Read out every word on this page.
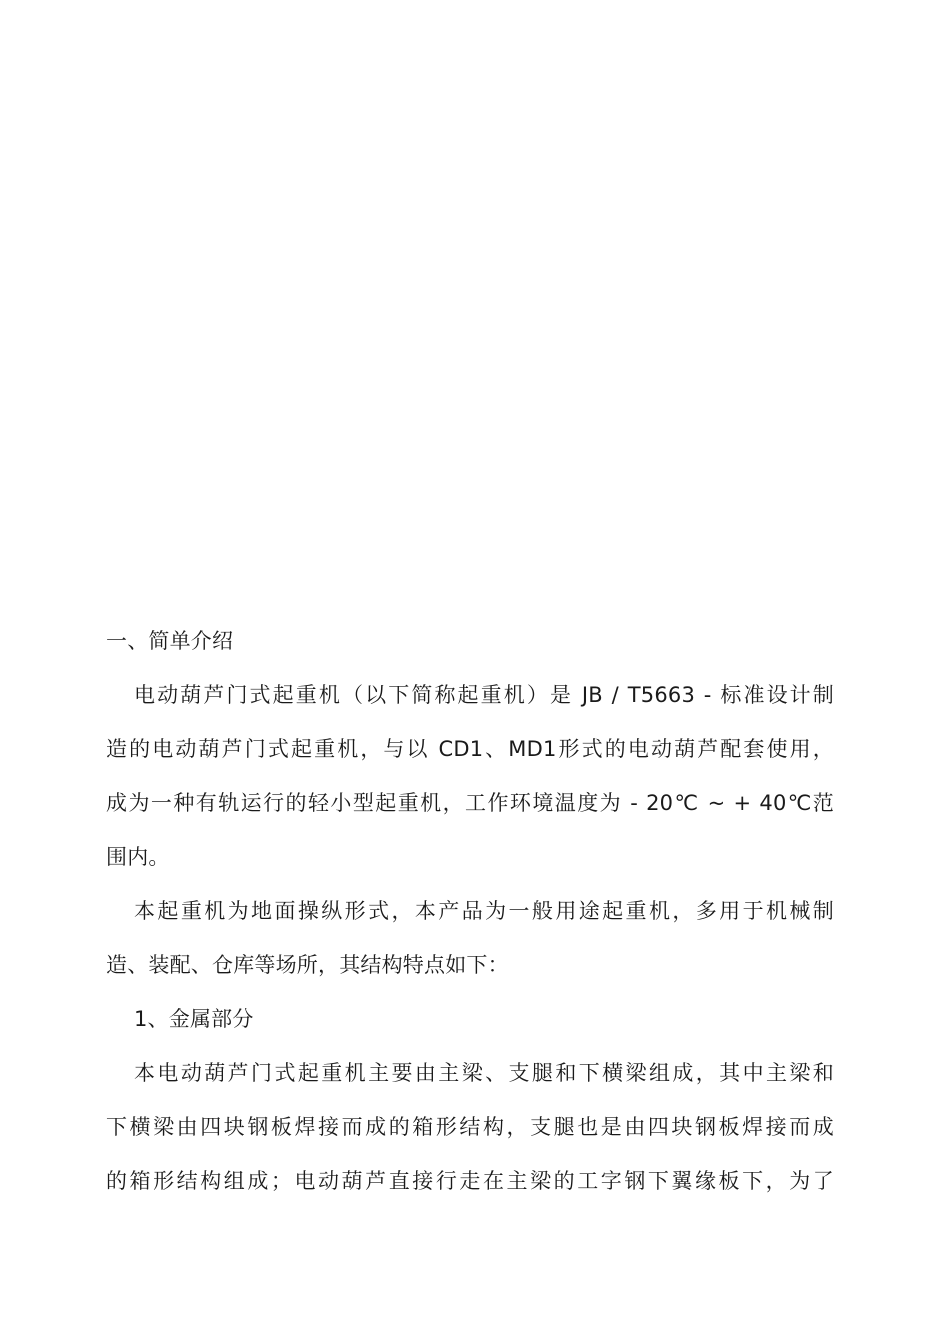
一、简单介绍
电动葫芦门式起重机（以下简称起重机）是 JB / T5663 - 标准设计制
造的电动葫芦门式起重机，与以 CD1、MD1形式的电动葫芦配套使用，
成为一种有轨运行的轻小型起重机，工作环境温度为 - 20℃ ~ + 40℃范
围内。
本起重机为地面操纵形式，本产品为一般用途起重机，多用于机械制
造、装配、仓库等场所，其结构特点如下：
1、金属部分
本电动葫芦门式起重机主要由主梁、支腿和下横梁组成，其中主梁和
下横梁由四块钢板焊接而成的箱形结构，支腿也是由四块钢板焊接而成
的箱形结构组成；电动葫芦直接行走在主梁的工字钢下翼缘板下，为了
